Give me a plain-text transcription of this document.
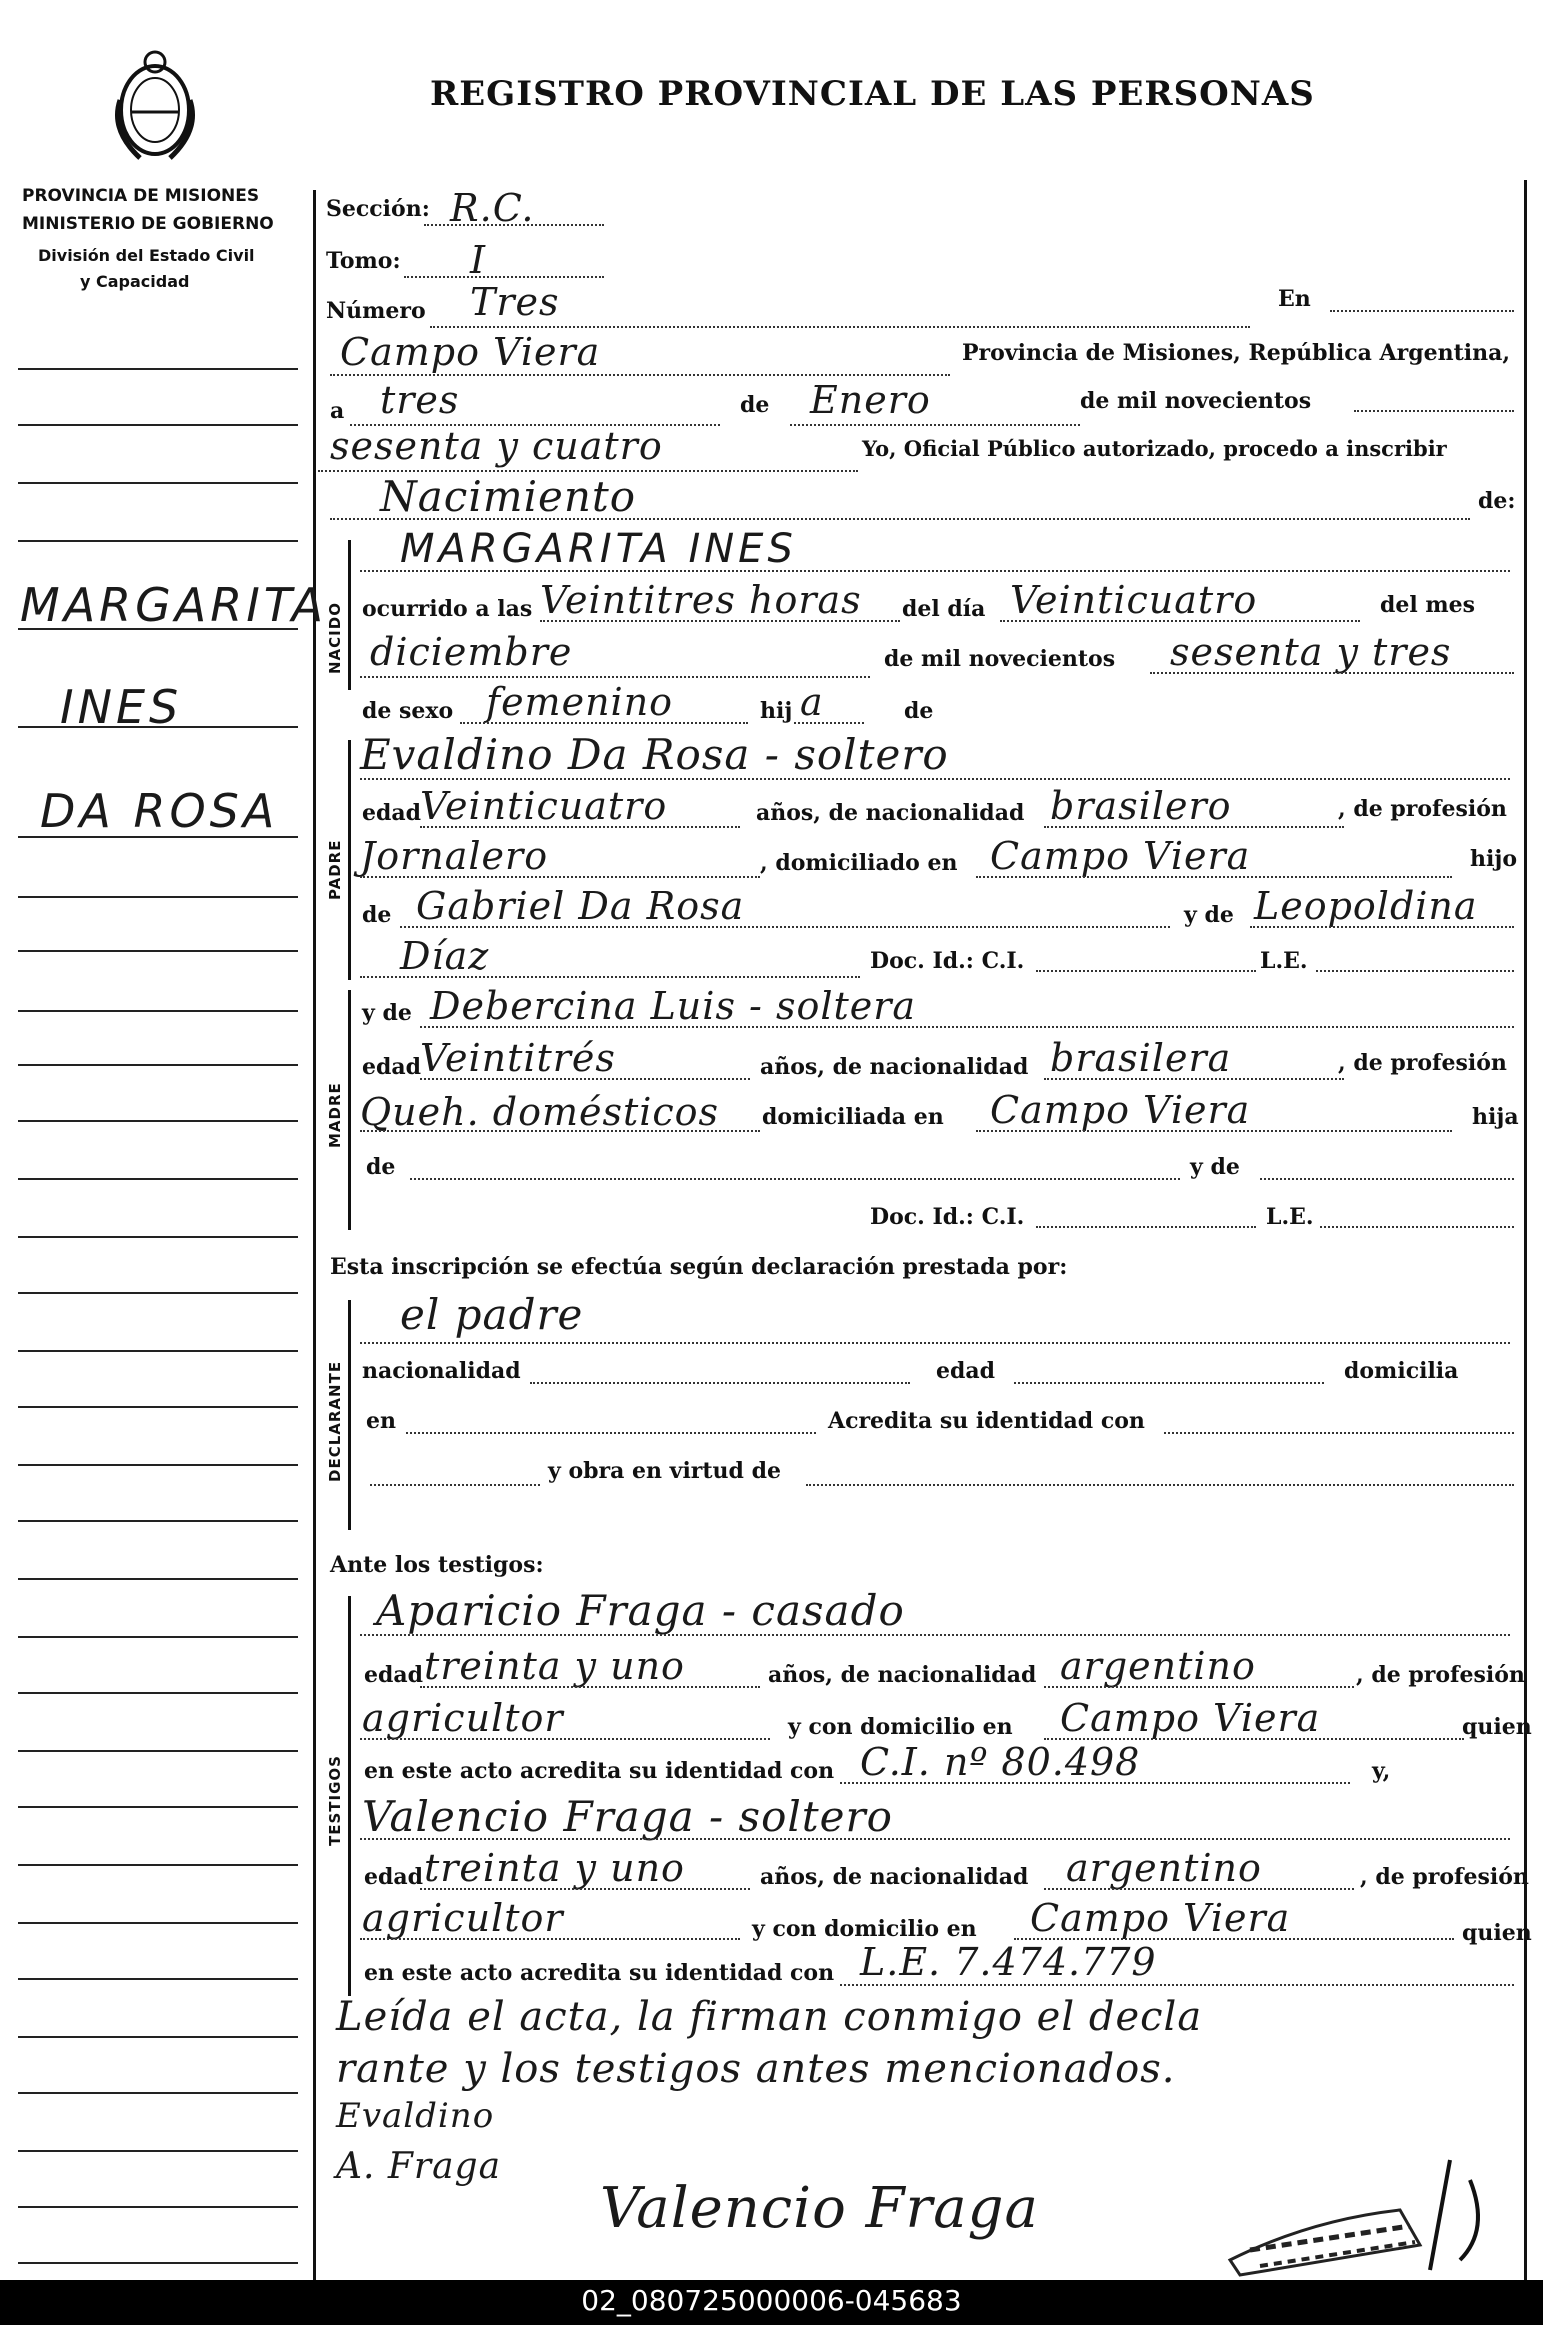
REGISTRO PROVINCIAL DE LAS PERSONAS
PROVINCIA DE MISIONES
MINISTERIO DE GOBIERNO
División del Estado Civil
y Capacidad
MARGARITA
INES
DA ROSA
Sección: R.C.
Tomo: I
Número Tres	En
Campo Viera	Provincia de Misiones, República Argentina,
a tres	de Enero	de mil novecientos
sesenta y cuatro	Yo, Oficial Público autorizado, procedo a inscribir
Nacimiento	de:
NACIDO
MARGARITA INES
ocurrido a las Veintitres horas del día Veinticuatro	del mes
diciembre	de mil novecientos sesenta y tres
de sexo femenino	hij a	de
PADRE
Evaldino Da Rosa - soltero
edad
Veinticuatro	años, de nacionalidad brasilero	, de profesión
Jornalero	, domiciliado en Campo Viera	hijo
de Gabriel Da Rosa	y de Leopoldina
Díaz	Doc. Id.: C.I.	L.E.
MADRE
y de Debercina Luis - soltera
edad
Veintitrés	años, de nacionalidad brasilera	, de profesión
Queh. domésticos domiciliada en Campo Viera	hija
de	y de
Doc. Id.: C.I.	L.E.
Esta inscripción se efectúa según declaración prestada por:
DECLARANTE
el padre
nacionalidad	edad	domicilia
en	Acredita su identidad con
y obra en virtud de
Ante los testigos:
TESTIGOS
Aparicio Fraga - casado
edad treinta y uno	años, de nacionalidad argentino	, de profesión
agricultor	y con domicilio en Campo Viera	quien
en este acto acredita su identidad con C.I. nº 80.498	y,
Valencio Fraga - soltero
edad treinta y uno	años, de nacionalidad argentino	, de profesión
agricultor	y con domicilio en Campo Viera	quien
en este acto acredita su identidad con L.E. 7.474.779
Leída el acta, la firman conmigo el decla
rante y los testigos antes mencionados.
Evaldino
A. Fraga
Valencio Fraga
02_080725000006-045683
